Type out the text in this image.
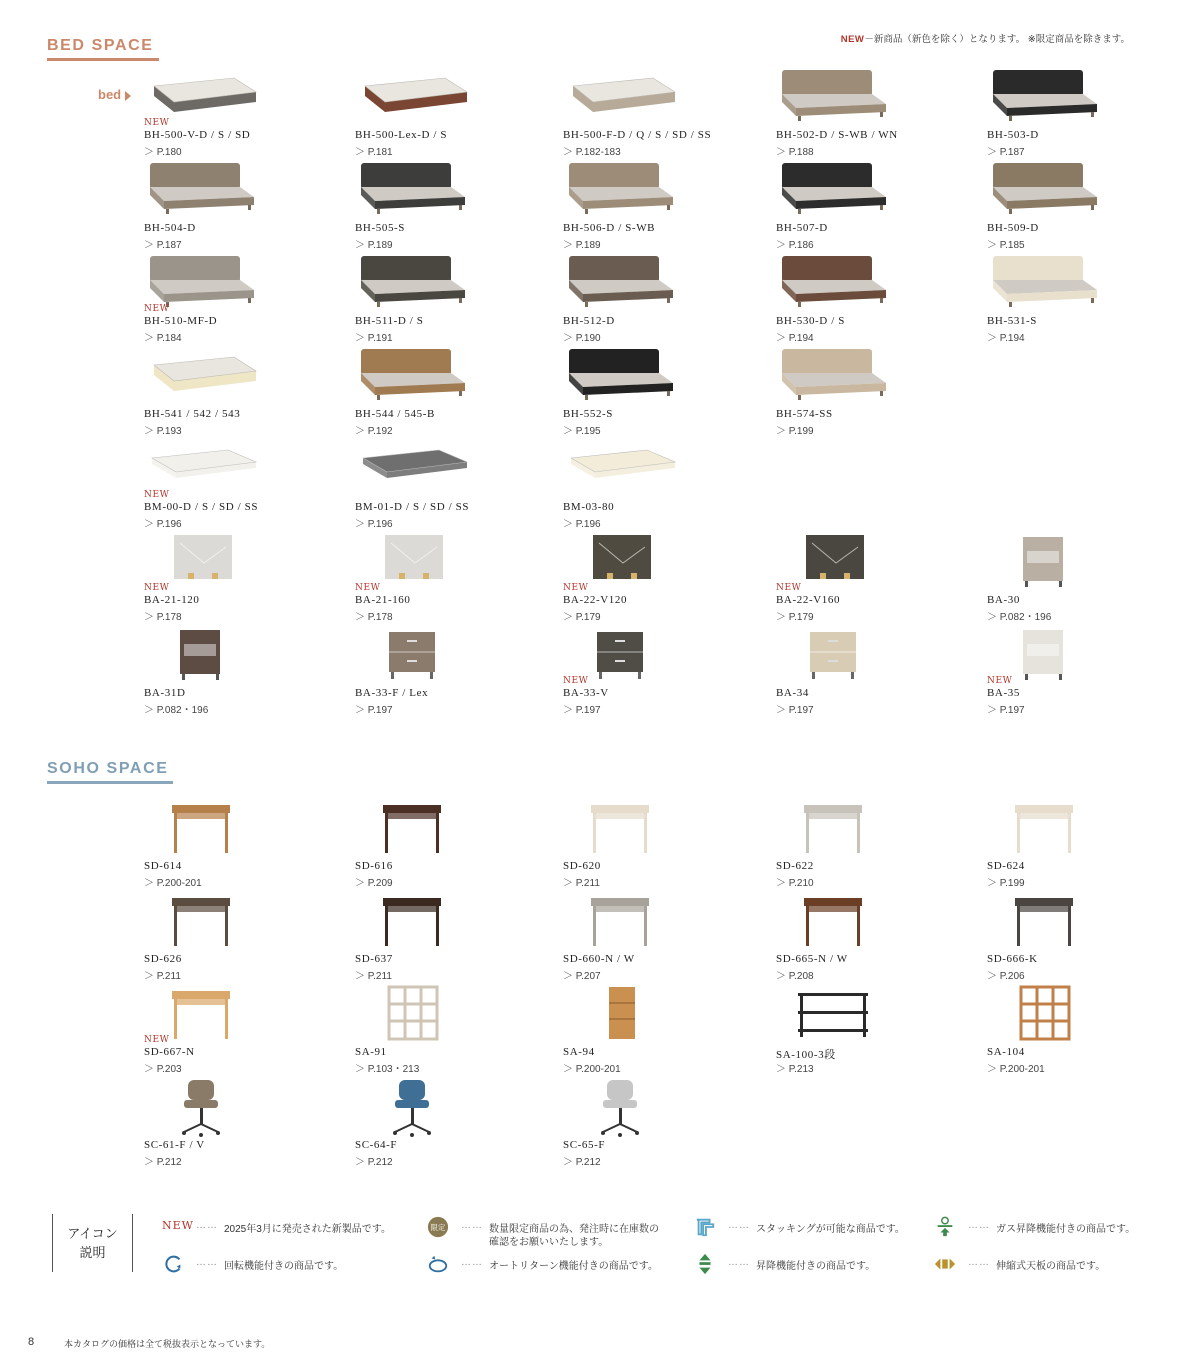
NEW－新商品（新色を除く）となります。 ※限定商品を除きます。
BED SPACE
bed
NEW
BH-500-V-D / S / SD
＞ P.180
BH-500-Lex-D / S
＞ P.181
BH-500-F-D / Q / S / SD / SS
＞ P.182-183
BH-502-D / S-WB / WN
＞ P.188
BH-503-D
＞ P.187
BH-504-D
＞ P.187
BH-505-S
＞ P.189
BH-506-D / S-WB
＞ P.189
BH-507-D
＞ P.186
BH-509-D
＞ P.185
NEW
BH-510-MF-D
＞ P.184
BH-511-D / S
＞ P.191
BH-512-D
＞ P.190
BH-530-D / S
＞ P.194
BH-531-S
＞ P.194
BH-541 / 542 / 543
＞ P.193
BH-544 / 545-B
＞ P.192
BH-552-S
＞ P.195
BH-574-SS
＞ P.199
NEW
BM-00-D / S / SD / SS
＞ P.196
BM-01-D / S / SD / SS
＞ P.196
BM-03-80
＞ P.196
NEW
BA-21-120
＞ P.178
NEW
BA-21-160
＞ P.178
NEW
BA-22-V120
＞ P.179
NEW
BA-22-V160
＞ P.179
BA-30
＞ P.082・196
BA-31D
＞ P.082・196
BA-33-F / Lex
＞ P.197
NEW
BA-33-V
＞ P.197
BA-34
＞ P.197
NEW
BA-35
＞ P.197
SOHO SPACE
SD-614
＞ P.200-201
SD-616
＞ P.209
SD-620
＞ P.211
SD-622
＞ P.210
SD-624
＞ P.199
SD-626
＞ P.211
SD-637
＞ P.211
SD-660-N / W
＞ P.207
SD-665-N / W
＞ P.208
SD-666-K
＞ P.206
NEW
SD-667-N
＞ P.203
SA-91
＞ P.103・213
SA-94
＞ P.200-201
SA-100-3段
＞ P.213
SA-104
＞ P.200-201
SC-61-F / V
＞ P.212
SC-64-F
＞ P.212
SC-65-F
＞ P.212
アイコン
説明
NEW …… 2025年3月に発売された新製品です。	限定 …… 数量限定商品の為、発注時に在庫数の
確認をお願いいたします。
…… スタッキングが可能な商品です。	…… ガス昇降機能付きの商品です。
…… 回転機能付きの商品です。	…… オートリターン機能付きの商品です。	…… 昇降機能付きの商品です。	…… 伸縮式天板の商品です。
8	本カタログの価格は全て税抜表示となっています。
